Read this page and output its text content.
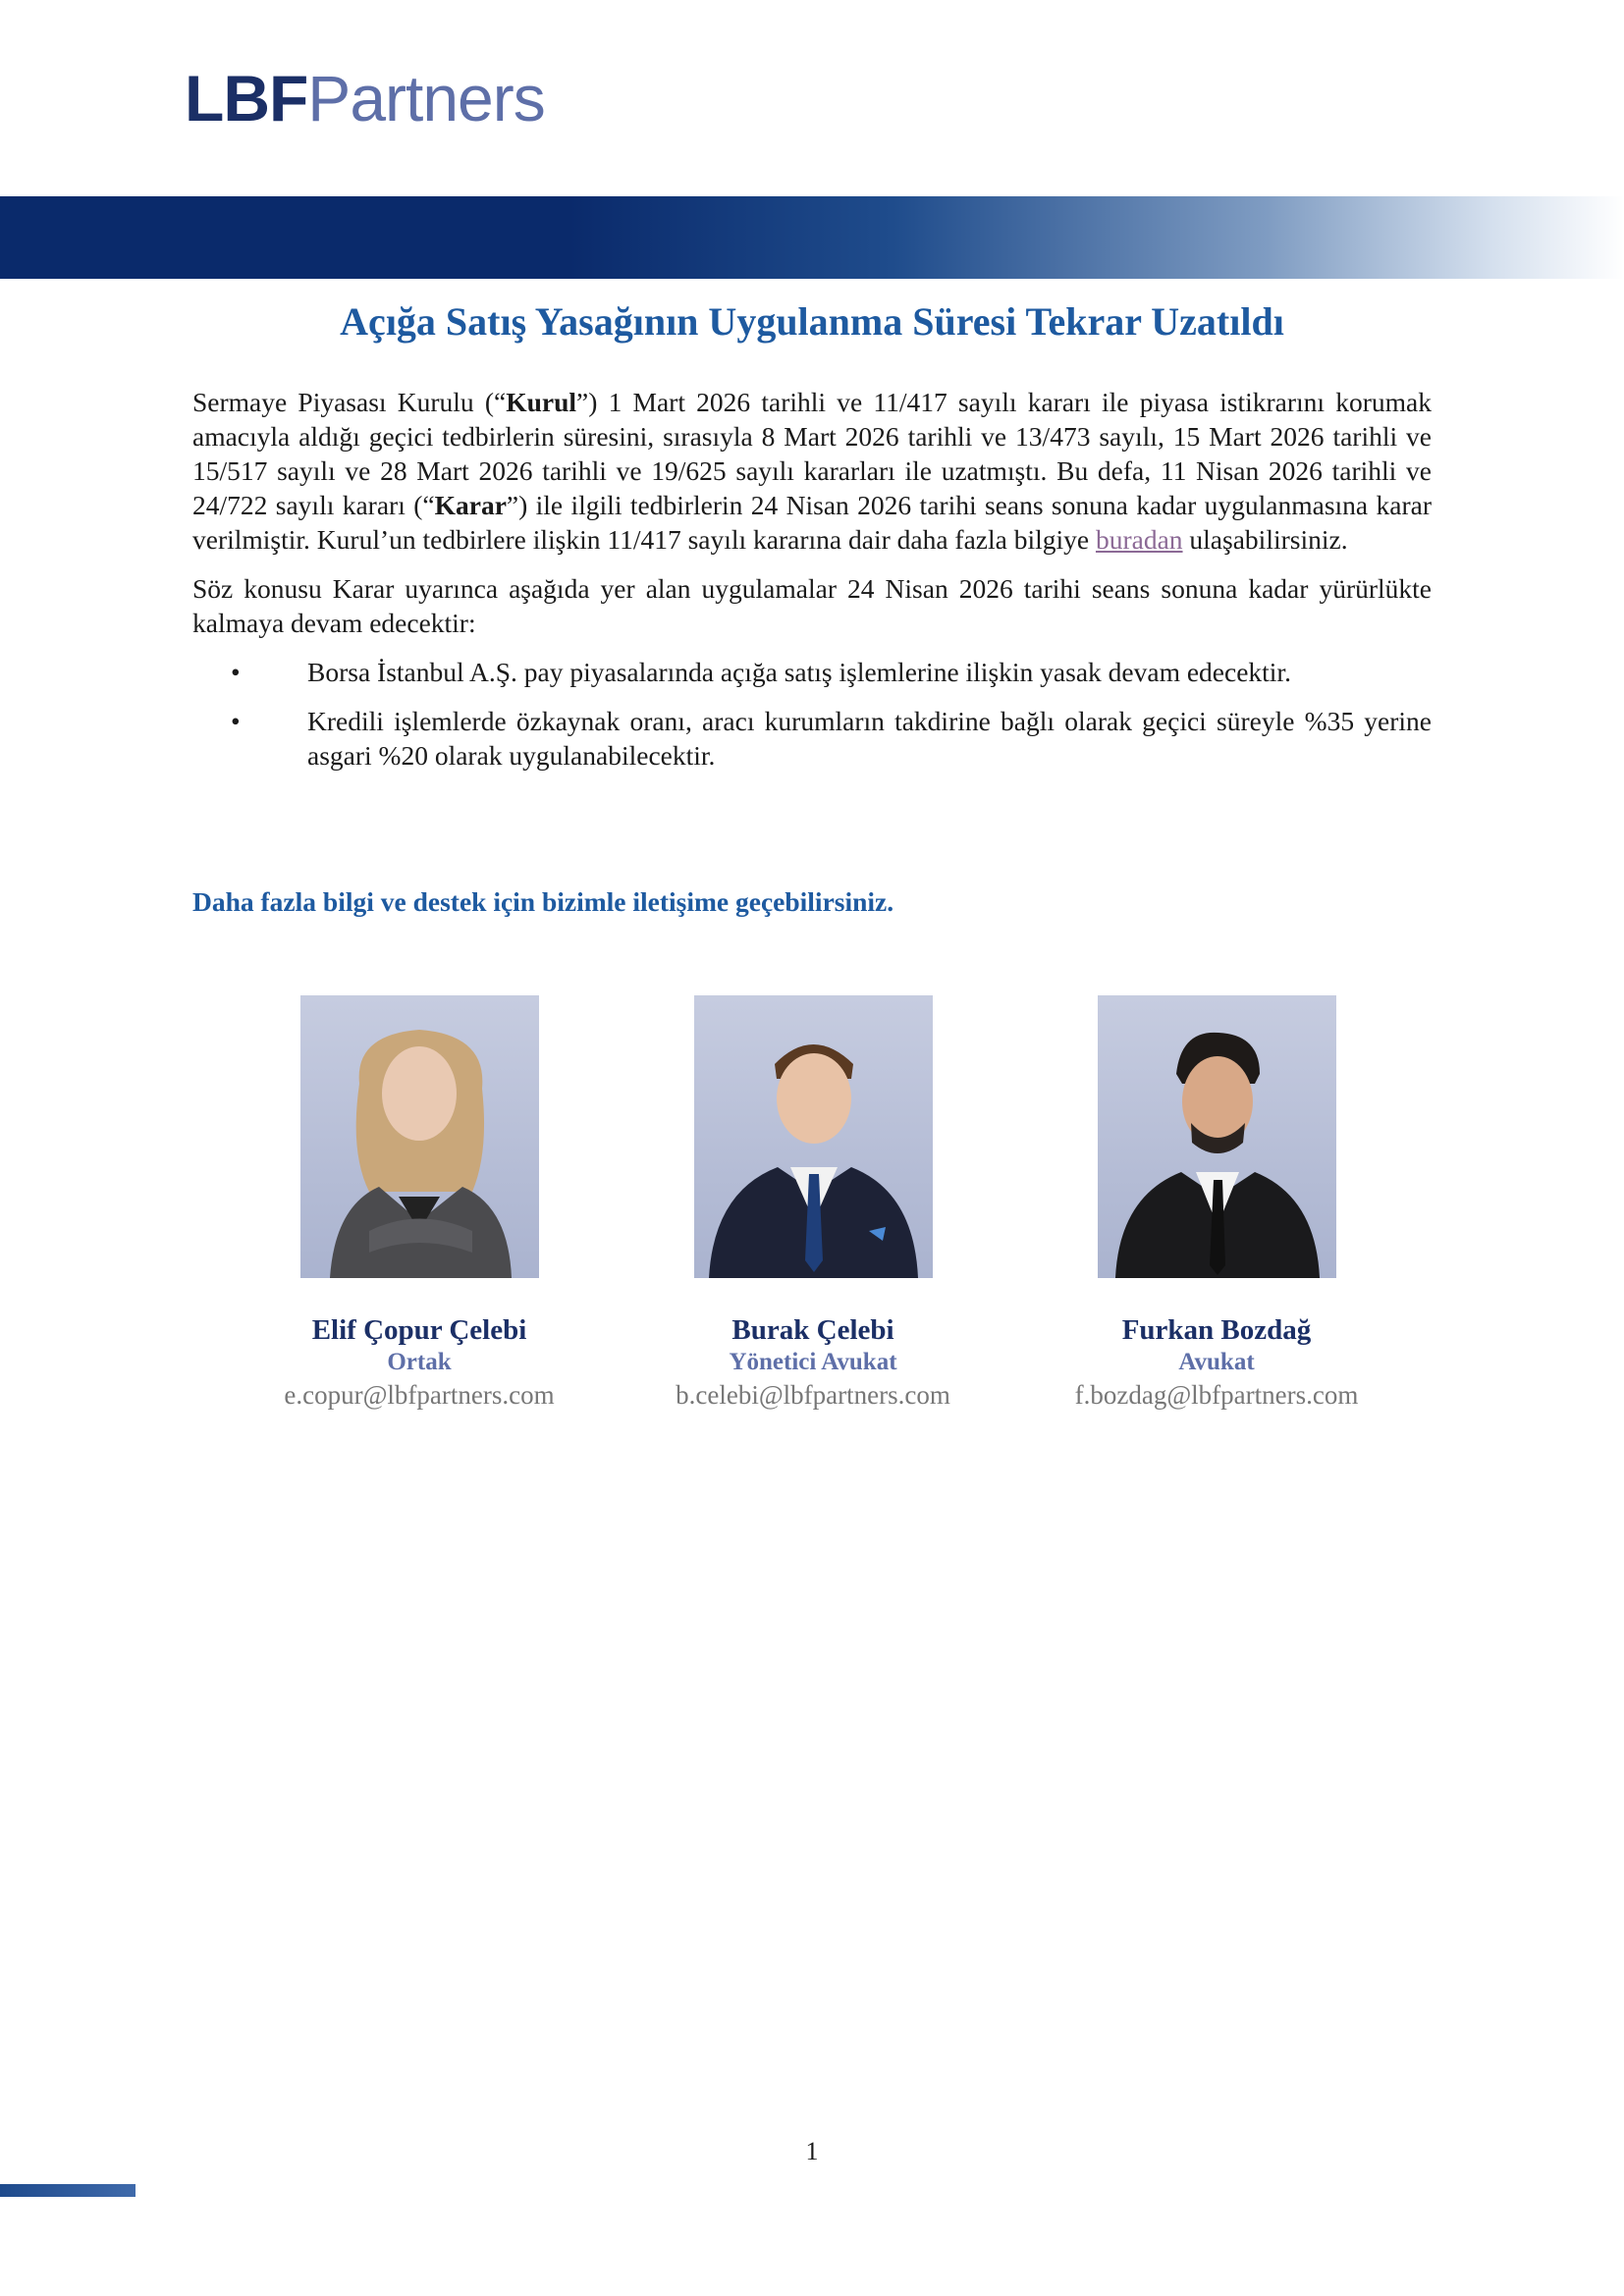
LBFPartners
Açığa Satış Yasağının Uygulanma Süresi Tekrar Uzatıldı

Sermaye Piyasası Kurulu (“Kurul”) 1 Mart 2026 tarihli ve 11/417 sayılı kararı ile piyasa istikrarını korumak amacıyla aldığı geçici tedbirlerin süresini, sırasıyla 8 Mart 2026 tarihli ve 13/473 sayılı, 15 Mart 2026 tarihli ve 15/517 sayılı ve 28 Mart 2026 tarihli ve 19/625 sayılı kararları ile uzatmıştı. Bu defa, 11 Nisan 2026 tarihli ve 24/722 sayılı kararı (“Karar”) ile ilgili tedbirlerin 24 Nisan 2026 tarihi seans sonuna kadar uygulanmasına karar verilmiştir. Kurul’un tedbirlere ilişkin 11/417 sayılı kararına dair daha fazla bilgiye buradan ulaşabilirsiniz.

Söz konusu Karar uyarınca aşağıda yer alan uygulamalar 24 Nisan 2026 tarihi seans sonuna kadar yürürlükte kalmaya devam edecektir:

• Borsa İstanbul A.Ş. pay piyasalarında açığa satış işlemlerine ilişkin yasak devam edecektir.
• Kredili işlemlerde özkaynak oranı, aracı kurumların takdirine bağlı olarak geçici süreyle %35 yerine asgari %20 olarak uygulanabilecektir.
Daha fazla bilgi ve destek için bizimle iletişime geçebilirsiniz.
Elif Çopur Çelebi
Ortak
e.copur@lbfpartners.com
Burak Çelebi
Yönetici Avukat
b.celebi@lbfpartners.com
Furkan Bozdağ
Avukat
f.bozdag@lbfpartners.com
1
